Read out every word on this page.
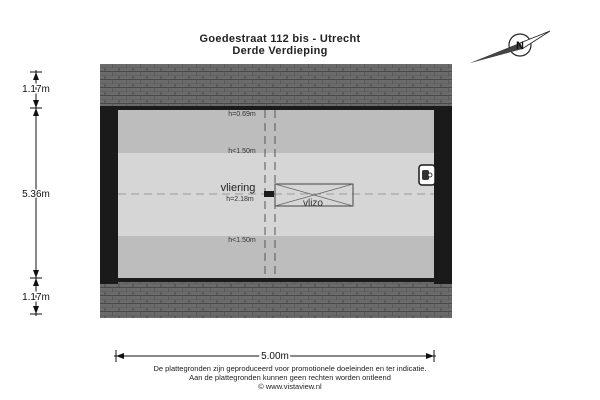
Goedestraat 112 bis - Utrecht
Derde Verdieping	N
h=0.69m
h<1.50m
vliering
h=2.18m	vlizo
h<1.50m
1.17m
5.36m
1.17m
5.00m
De plattegronden zijn geproduceerd voor promotionele doeleinden en ter indicatie.
Aan de plattegronden kunnen geen rechten worden ontleend
© www.vistaview.nl
